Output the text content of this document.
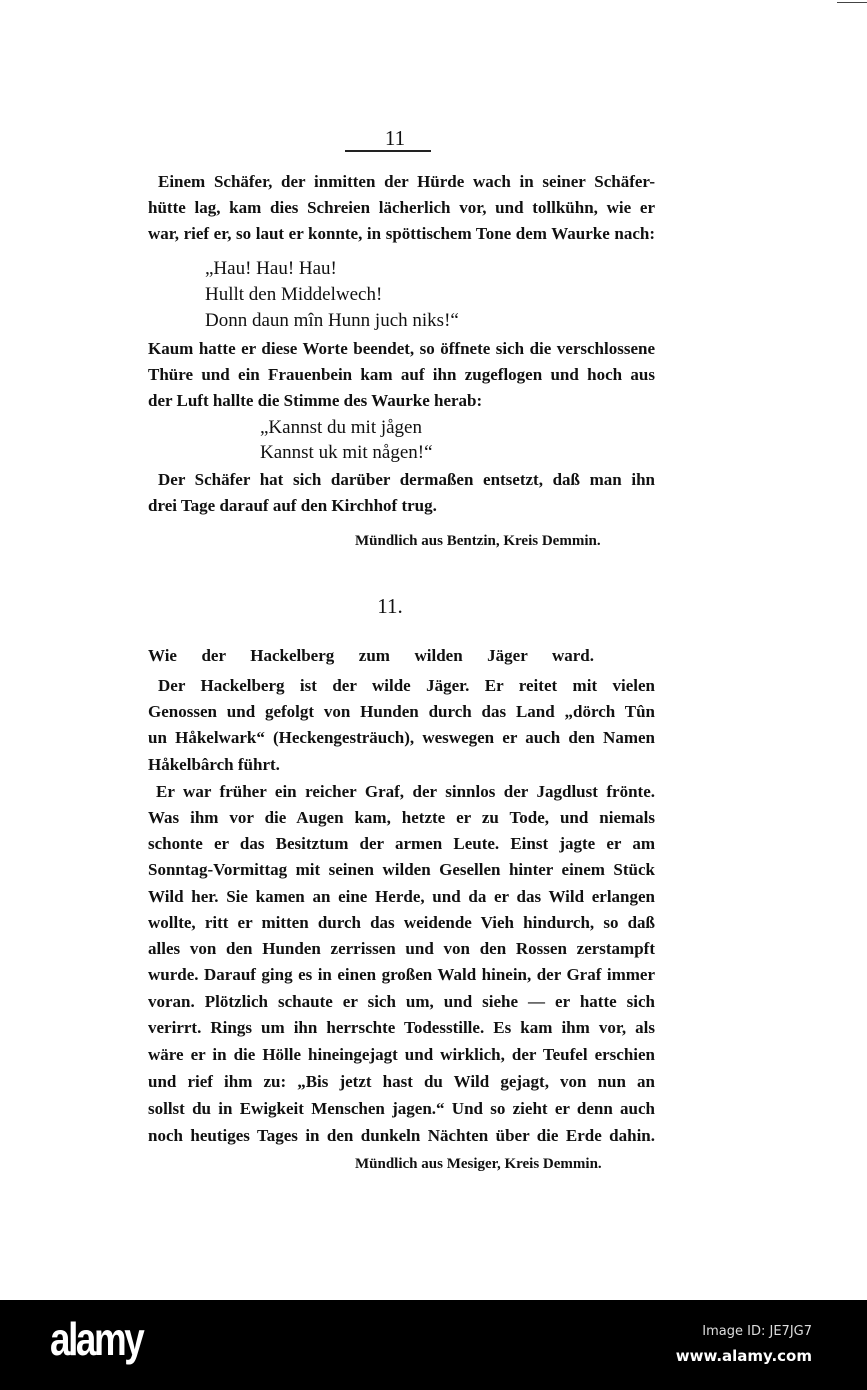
11
Einem Schäfer, der inmitten der Hürde wach in seiner Schäfer-
hütte lag, kam dies Schreien lächerlich vor, und tollkühn, wie er
war, rief er, so laut er konnte, in spöttischem Tone dem Waurke nach:
„Hau! Hau! Hau!
Hullt den Middelwech!
Donn daun mîn Hunn juch niks!“
Kaum hatte er diese Worte beendet, so öffnete sich die verschlossene
Thüre und ein Frauenbein kam auf ihn zugeflogen und hoch aus
der Luft hallte die Stimme des Waurke herab:
„Kannst du mit jågen
Kannst uk mit någen!“
Der Schäfer hat sich darüber dermaßen entsetzt, daß man ihn
drei Tage darauf auf den Kirchhof trug.
Mündlich aus Bentzin, Kreis Demmin.
11.
Wie der Hackelberg zum wilden Jäger ward.
Der Hackelberg ist der wilde Jäger. Er reitet mit vielen
Genossen und gefolgt von Hunden durch das Land „dörch Tûn
un Håkelwark“ (Heckengesträuch), weswegen er auch den Namen
Håkelbârch führt.
Er war früher ein reicher Graf, der sinnlos der Jagdlust frönte.
Was ihm vor die Augen kam, hetzte er zu Tode, und niemals
schonte er das Besitztum der armen Leute. Einst jagte er am
Sonntag-Vormittag mit seinen wilden Gesellen hinter einem Stück
Wild her. Sie kamen an eine Herde, und da er das Wild erlangen
wollte, ritt er mitten durch das weidende Vieh hindurch, so daß
alles von den Hunden zerrissen und von den Rossen zerstampft
wurde. Darauf ging es in einen großen Wald hinein, der Graf immer
voran. Plötzlich schaute er sich um, und siehe — er hatte sich
verirrt. Rings um ihn herrschte Todesstille. Es kam ihm vor, als
wäre er in die Hölle hineingejagt und wirklich, der Teufel erschien
und rief ihm zu: „Bis jetzt hast du Wild gejagt, von nun an
sollst du in Ewigkeit Menschen jagen.“ Und so zieht er denn auch
noch heutiges Tages in den dunkeln Nächten über die Erde dahin.
Mündlich aus Mesiger, Kreis Demmin.
alamy	Image ID: JE7JG7
www.alamy.com
